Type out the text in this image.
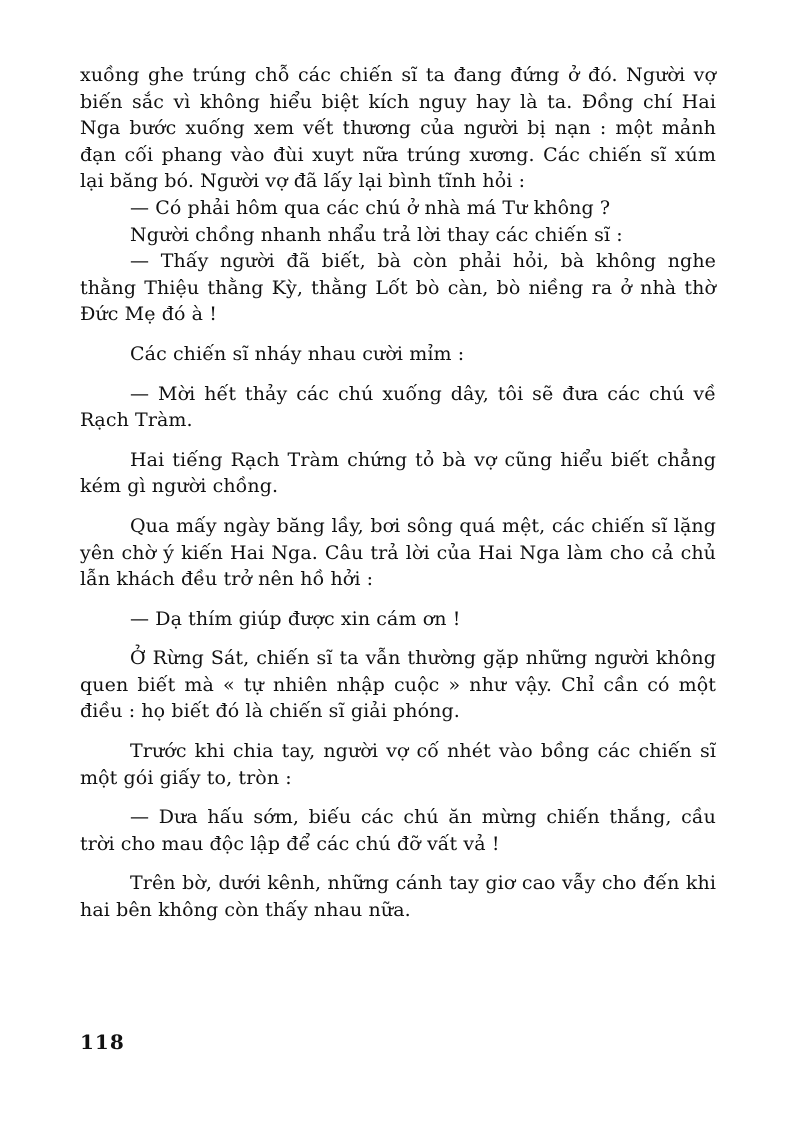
xuồng ghe trúng chỗ các chiến sĩ ta đang đứng ở đó. Người vợ biến sắc vì không hiểu biệt kích nguy hay là ta. Đồng chí Hai Nga bước xuống xem vết thương của người bị nạn : một mảnh đạn cối phang vào đùi xuyt nữa trúng xương. Các chiến sĩ xúm lại băng bó. Người vợ đã lấy lại bình tĩnh hỏi :

— Có phải hôm qua các chú ở nhà má Tư không ?

Người chồng nhanh nhẩu trả lời thay các chiến sĩ :

— Thấy người đã biết, bà còn phải hỏi, bà không nghe thằng Thiệu thằng Kỳ, thằng Lốt bò càn, bò niềng ra ở nhà thờ Đức Mẹ đó à !

Các chiến sĩ nháy nhau cười mỉm :

— Mời hết thảy các chú xuống dây, tôi sẽ đưa các chú về Rạch Tràm.

Hai tiếng Rạch Tràm chứng tỏ bà vợ cũng hiểu biết chẳng kém gì người chồng.

Qua mấy ngày băng lầy, bơi sông quá mệt, các chiến sĩ lặng yên chờ ý kiến Hai Nga. Câu trả lời của Hai Nga làm cho cả chủ lẫn khách đều trở nên hồ hởi :

— Dạ thím giúp được xin cám ơn !

Ở Rừng Sát, chiến sĩ ta vẫn thường gặp những người không quen biết mà « tự nhiên nhập cuộc » như vậy. Chỉ cần có một điều : họ biết đó là chiến sĩ giải phóng.

Trước khi chia tay, người vợ cố nhét vào bồng các chiến sĩ một gói giấy to, tròn :

— Dưa hấu sớm, biếu các chú ăn mừng chiến thắng, cầu trời cho mau độc lập để các chú đỡ vất vả !

Trên bờ, dưới kênh, những cánh tay giơ cao vẫy cho đến khi hai bên không còn thấy nhau nữa.

118
